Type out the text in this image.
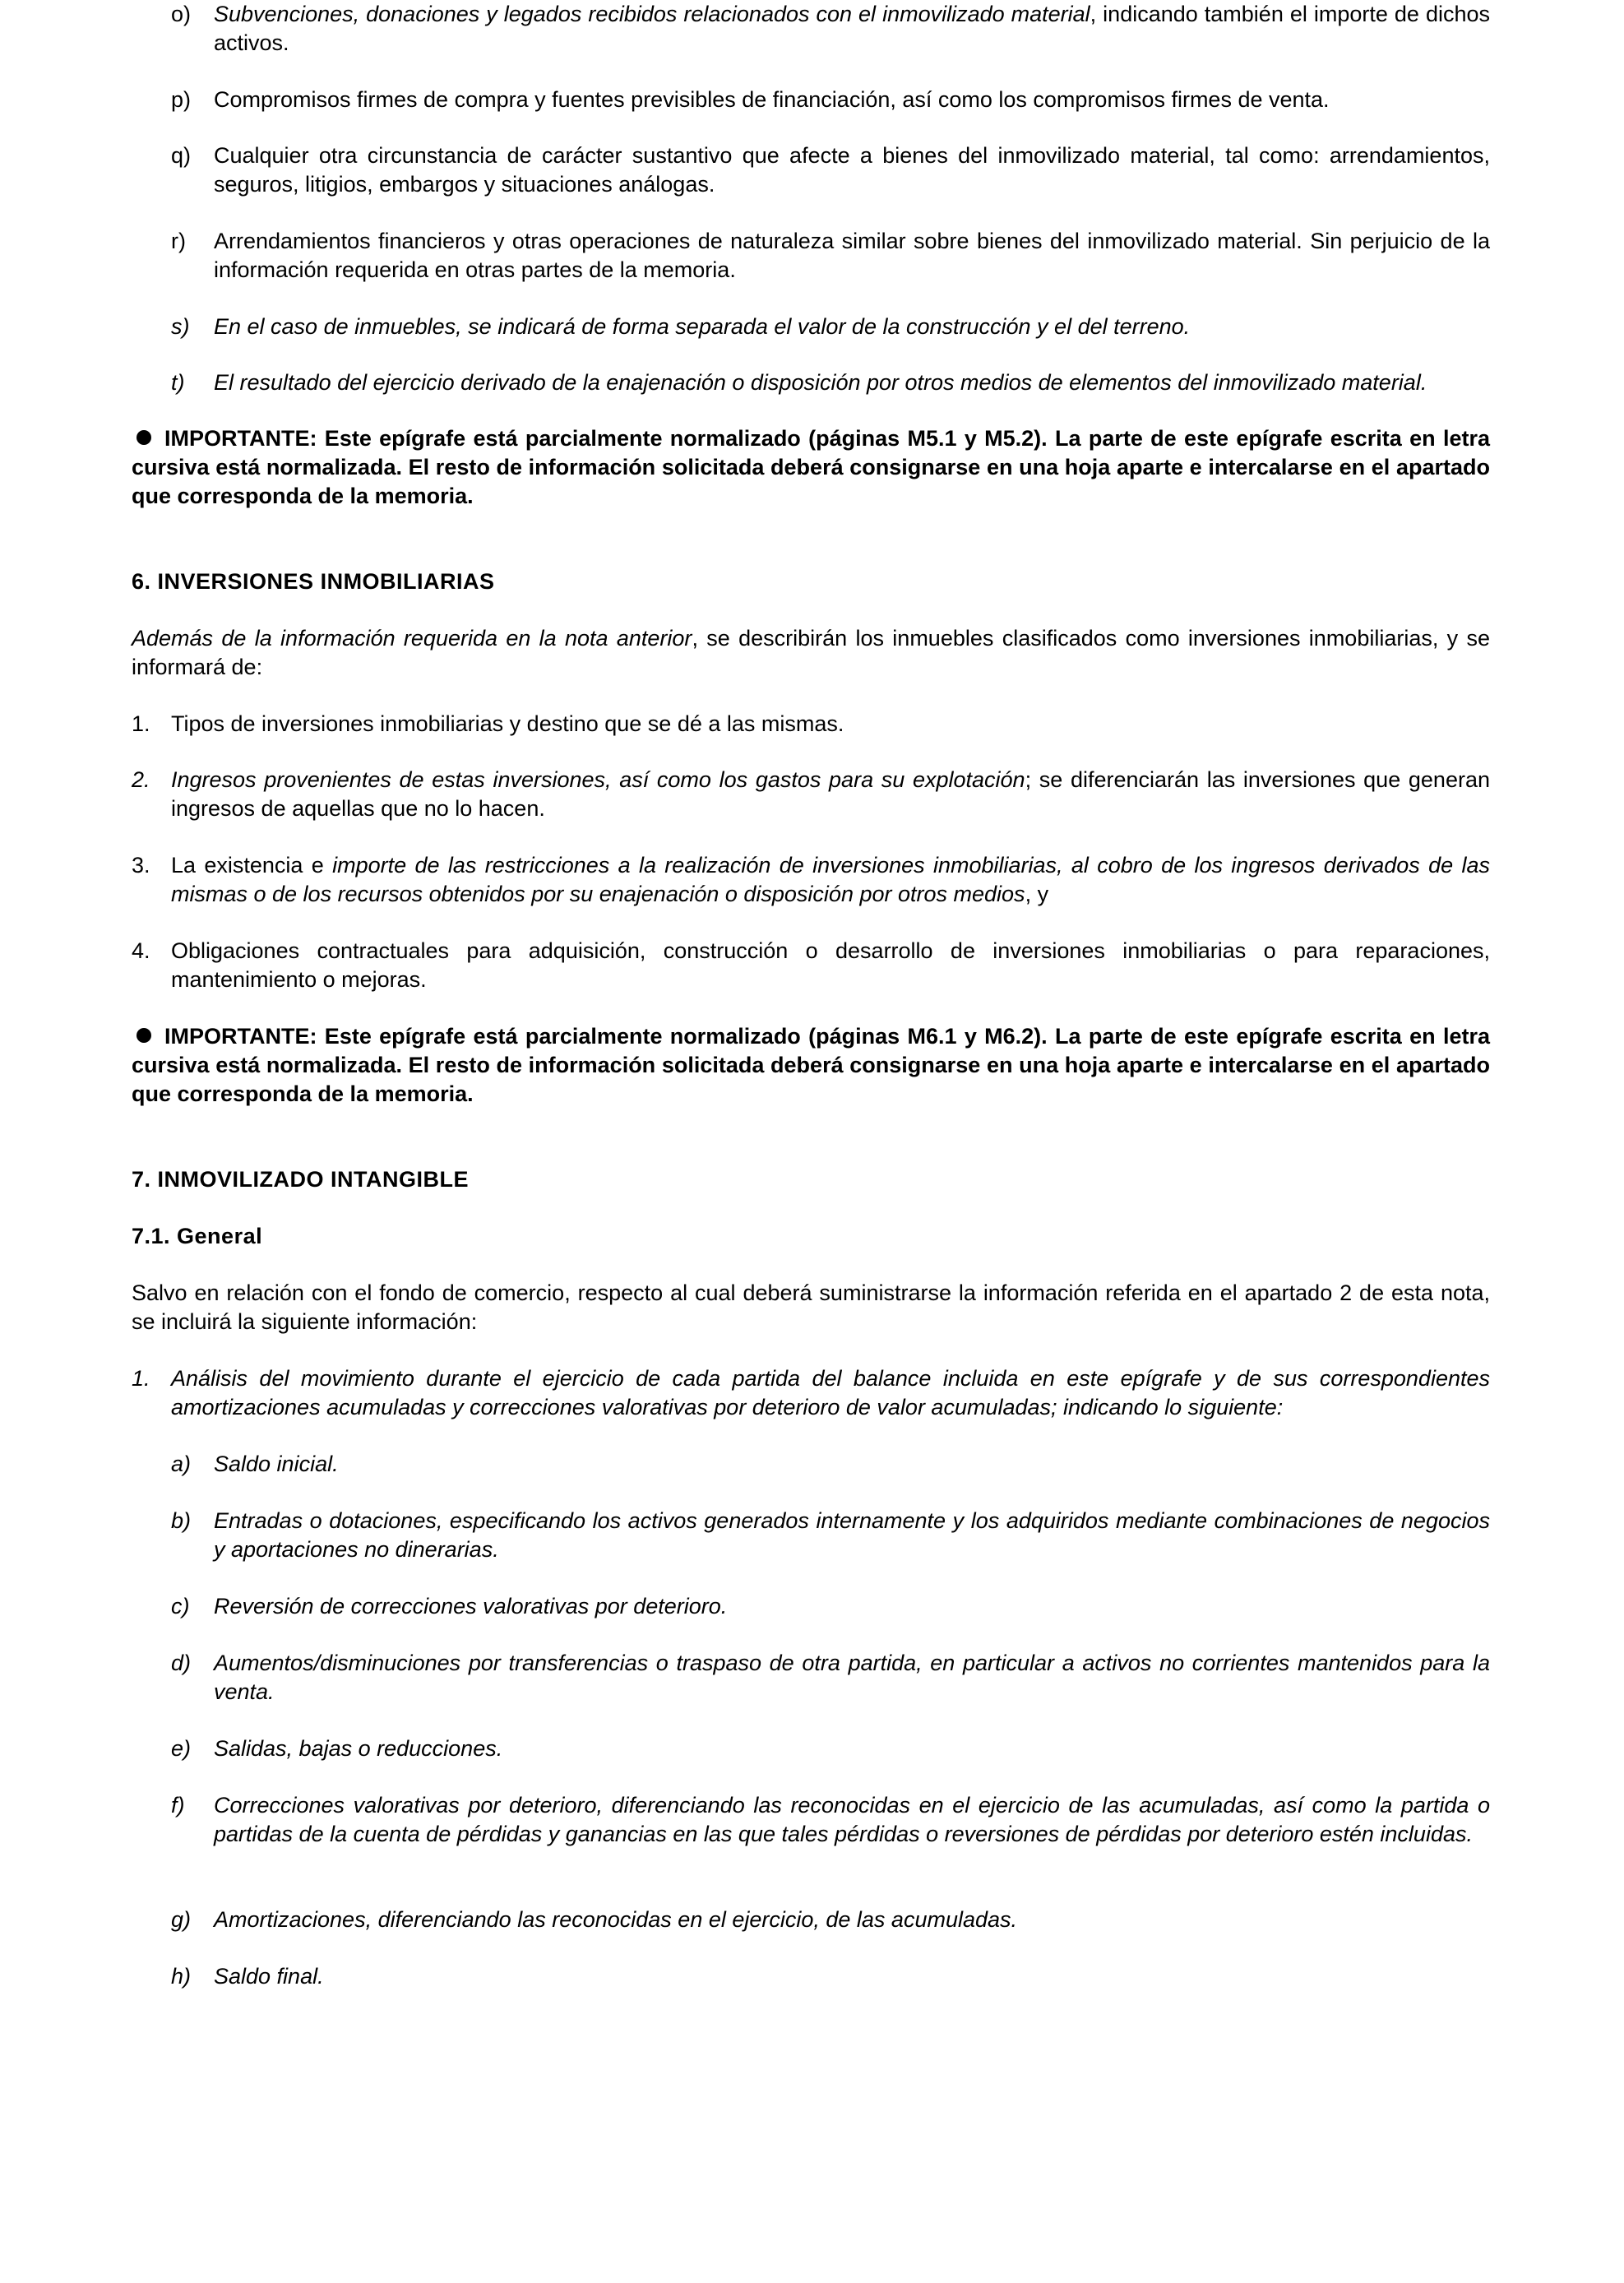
o) Subvenciones, donaciones y legados recibidos relacionados con el inmovilizado material, indicando también el importe de dichos activos.
p) Compromisos firmes de compra y fuentes previsibles de financiación, así como los compromisos firmes de venta.
q) Cualquier otra circunstancia de carácter sustantivo que afecte a bienes del inmovilizado material, tal como: arrendamientos, seguros, litigios, embargos y situaciones análogas.
r) Arrendamientos financieros y otras operaciones de naturaleza similar sobre bienes del inmovilizado material. Sin perjuicio de la información requerida en otras partes de la memoria.
s) En el caso de inmuebles, se indicará de forma separada el valor de la construcción y el del terreno.
t) El resultado del ejercicio derivado de la enajenación o disposición por otros medios de elementos del inmovilizado material.
IMPORTANTE: Este epígrafe está parcialmente normalizado (páginas M5.1 y M5.2). La parte de este epígrafe escrita en letra cursiva está normalizada. El resto de información solicitada deberá consignarse en una hoja aparte e intercalarse en el apartado que corresponda de la memoria.
6. INVERSIONES INMOBILIARIAS
Además de la información requerida en la nota anterior, se describirán los inmuebles clasificados como inversiones inmobiliarias, y se informará de:
1. Tipos de inversiones inmobiliarias y destino que se dé a las mismas.
2. Ingresos provenientes de estas inversiones, así como los gastos para su explotación; se diferenciarán las inversiones que generan ingresos de aquellas que no lo hacen.
3. La existencia e importe de las restricciones a la realización de inversiones inmobiliarias, al cobro de los ingresos derivados de las mismas o de los recursos obtenidos por su enajenación o disposición por otros medios, y
4. Obligaciones contractuales para adquisición, construcción o desarrollo de inversiones inmobiliarias o para reparaciones, mantenimiento o mejoras.
IMPORTANTE: Este epígrafe está parcialmente normalizado (páginas M6.1 y M6.2). La parte de este epígrafe escrita en letra cursiva está normalizada. El resto de información solicitada deberá consignarse en una hoja aparte e intercalarse en el apartado que corresponda de la memoria.
7. INMOVILIZADO INTANGIBLE
7.1. General
Salvo en relación con el fondo de comercio, respecto al cual deberá suministrarse la información referida en el apartado 2 de esta nota, se incluirá la siguiente información:
1. Análisis del movimiento durante el ejercicio de cada partida del balance incluida en este epígrafe y de sus correspondientes amortizaciones acumuladas y correcciones valorativas por deterioro de valor acumuladas; indicando lo siguiente:
a) Saldo inicial.
b) Entradas o dotaciones, especificando los activos generados internamente y los adquiridos mediante combinaciones de negocios y aportaciones no dinerarias.
c) Reversión de correcciones valorativas por deterioro.
d) Aumentos/disminuciones por transferencias o traspaso de otra partida, en particular a activos no corrientes mantenidos para la venta.
e) Salidas, bajas o reducciones.
f) Correcciones valorativas por deterioro, diferenciando las reconocidas en el ejercicio de las acumuladas, así como la partida o partidas de la cuenta de pérdidas y ganancias en las que tales pérdidas o reversiones de pérdidas por deterioro estén incluidas.
g) Amortizaciones, diferenciando las reconocidas en el ejercicio, de las acumuladas.
h) Saldo final.
